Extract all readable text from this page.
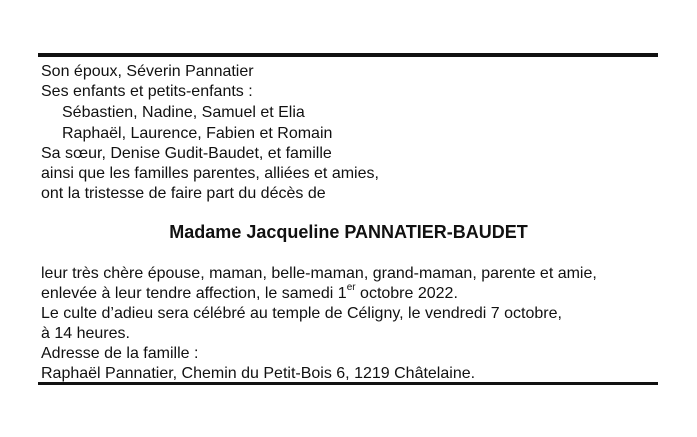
Son époux, Séverin Pannatier
Ses enfants et petits-enfants :
Sébastien, Nadine, Samuel et Elia
Raphaël, Laurence, Fabien et Romain
Sa sœur, Denise Gudit-Baudet, et famille
ainsi que les familles parentes, alliées et amies,
ont la tristesse de faire part du décès de
Madame Jacqueline PANNATIER-BAUDET
leur très chère épouse, maman, belle-maman, grand-maman, parente et amie,
enlevée à leur tendre affection, le samedi 1er octobre 2022.
Le culte d’adieu sera célébré au temple de Céligny, le vendredi 7 octobre,
à 14 heures.
Adresse de la famille :
Raphaël Pannatier, Chemin du Petit-Bois 6, 1219 Châtelaine.
